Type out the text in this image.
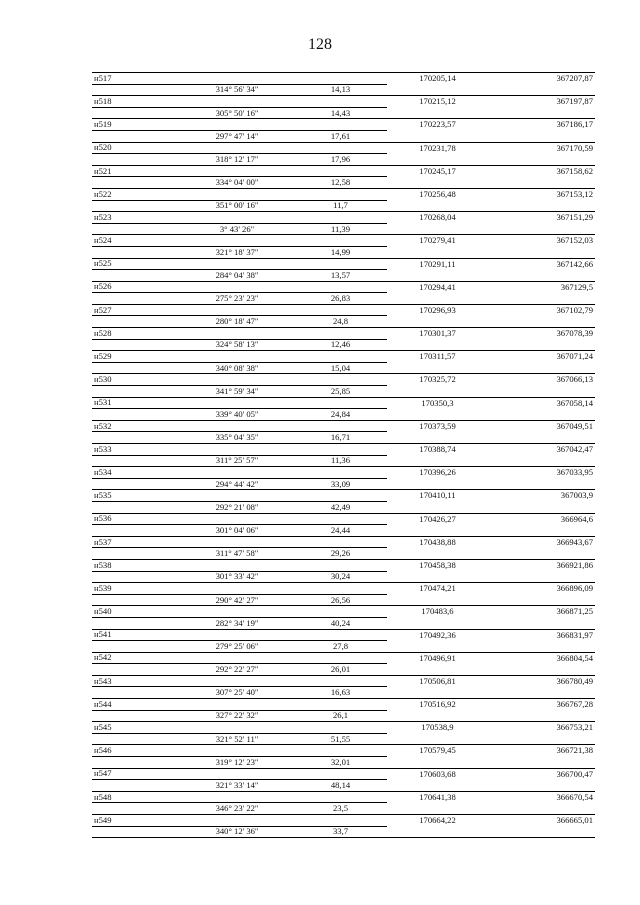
128
н517			170205,14	367207,87
	314° 56' 34"	14,13		
н518			170215,12	367197,87
	305° 50' 16"	14,43		
н519			170223,57	367186,17
	297° 47' 14"	17,61		
н520			170231,78	367170,59
	318° 12' 17"	17,96		
н521			170245,17	367158,62
	334° 04' 00"	12,58		
н522			170256,48	367153,12
	351° 00' 16"	11,7		
н523			170268,04	367151,29
	3° 43' 26"	11,39		
н524			170279,41	367152,03
	321° 18' 37"	14,99		
н525			170291,11	367142,66
	284° 04' 38"	13,57		
н526			170294,41	367129,5
	275° 23' 23"	26,83		
н527			170296,93	367102,79
	280° 18' 47"	24,8		
н528			170301,37	367078,39
	324° 58' 13"	12,46		
н529			170311,57	367071,24
	340° 08' 38"	15,04		
н530			170325,72	367066,13
	341° 59' 34"	25,85		
н531			170350,3	367058,14
	339° 40' 05"	24,84		
н532			170373,59	367049,51
	335° 04' 35"	16,71		
н533			170388,74	367042,47
	311° 25' 57"	11,36		
н534			170396,26	367033,95
	294° 44' 42"	33,09		
н535			170410,11	367003,9
	292° 21' 08"	42,49		
н536			170426,27	366964,6
	301° 04' 06"	24,44		
н537			170438,88	366943,67
	311° 47' 58"	29,26		
н538			170458,38	366921,86
	301° 33' 42"	30,24		
н539			170474,21	366896,09
	290° 42' 27"	26,56		
н540			170483,6	366871,25
	282° 34' 19"	40,24		
н541			170492,36	366831,97
	279° 25' 06"	27,8		
н542			170496,91	366804,54
	292° 22' 27"	26,01		
н543			170506,81	366780,49
	307° 25' 40"	16,63		
н544			170516,92	366767,28
	327° 22' 32"	26,1		
н545			170538,9	366753,21
	321° 52' 11"	51,55		
н546			170579,45	366721,38
	319° 12' 23"	32,01		
н547			170603,68	366700,47
	321° 33' 14"	48,14		
н548			170641,38	366670,54
	346° 23' 22"	23,5		
н549			170664,22	366665,01
	340° 12' 36"	33,7		
